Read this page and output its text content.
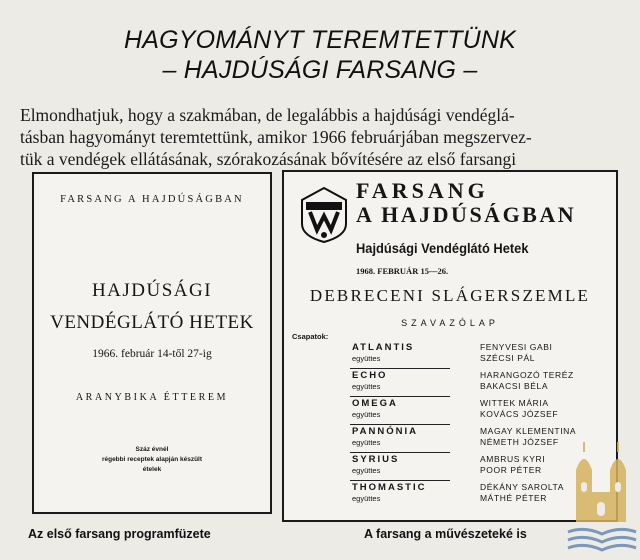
HAGYOMÁNYT TEREMTETTÜNK
– HAJDÚSÁGI FARSANG –
Elmondhatjuk, hogy a szakmában, de legalábbis a hajdúsági vendéglá-
tásban hagyományt teremtettünk, amikor 1966 februárjában megszervez-
tük a vendégek ellátásának, szórakozásának bővítésére az első farsangi
FARSANG A HAJDÚSÁGBAN
HAJDÚSÁGI
VENDÉGLÁTÓ HETEK
1966. február 14-től 27-ig
ARANYBIKA ÉTTEREM
Száz évnél
régebbi receptek alapján készült
ételek
Az első farsang programfüzete
FARSANG
A HAJDÚSÁGBAN
Hajdúsági Vendéglátó Hetek
1968. FEBRUÁR 15—26.
DEBRECENI SLÁGERSZEMLE
SZAVAZÓLAP
Csapatok:
ATLANTIS
együttes
FENYVESI GABI
SZÉCSI PÁL
ECHO
együttes
HARANGOZÓ TERÉZ
BAKACSI BÉLA
OMEGA
együttes
WITTEK MÁRIA
KOVÁCS JÓZSEF
PANNÓNIA
együttes
MAGAY KLEMENTINA
NÉMETH JÓZSEF
SYRIUS
együttes
AMBRUS KYRI
POOR PÉTER
THOMASTIC
együttes
DÉKÁNY SAROLTA
MÁTHÉ PÉTER
A farsang a művészeteké is
